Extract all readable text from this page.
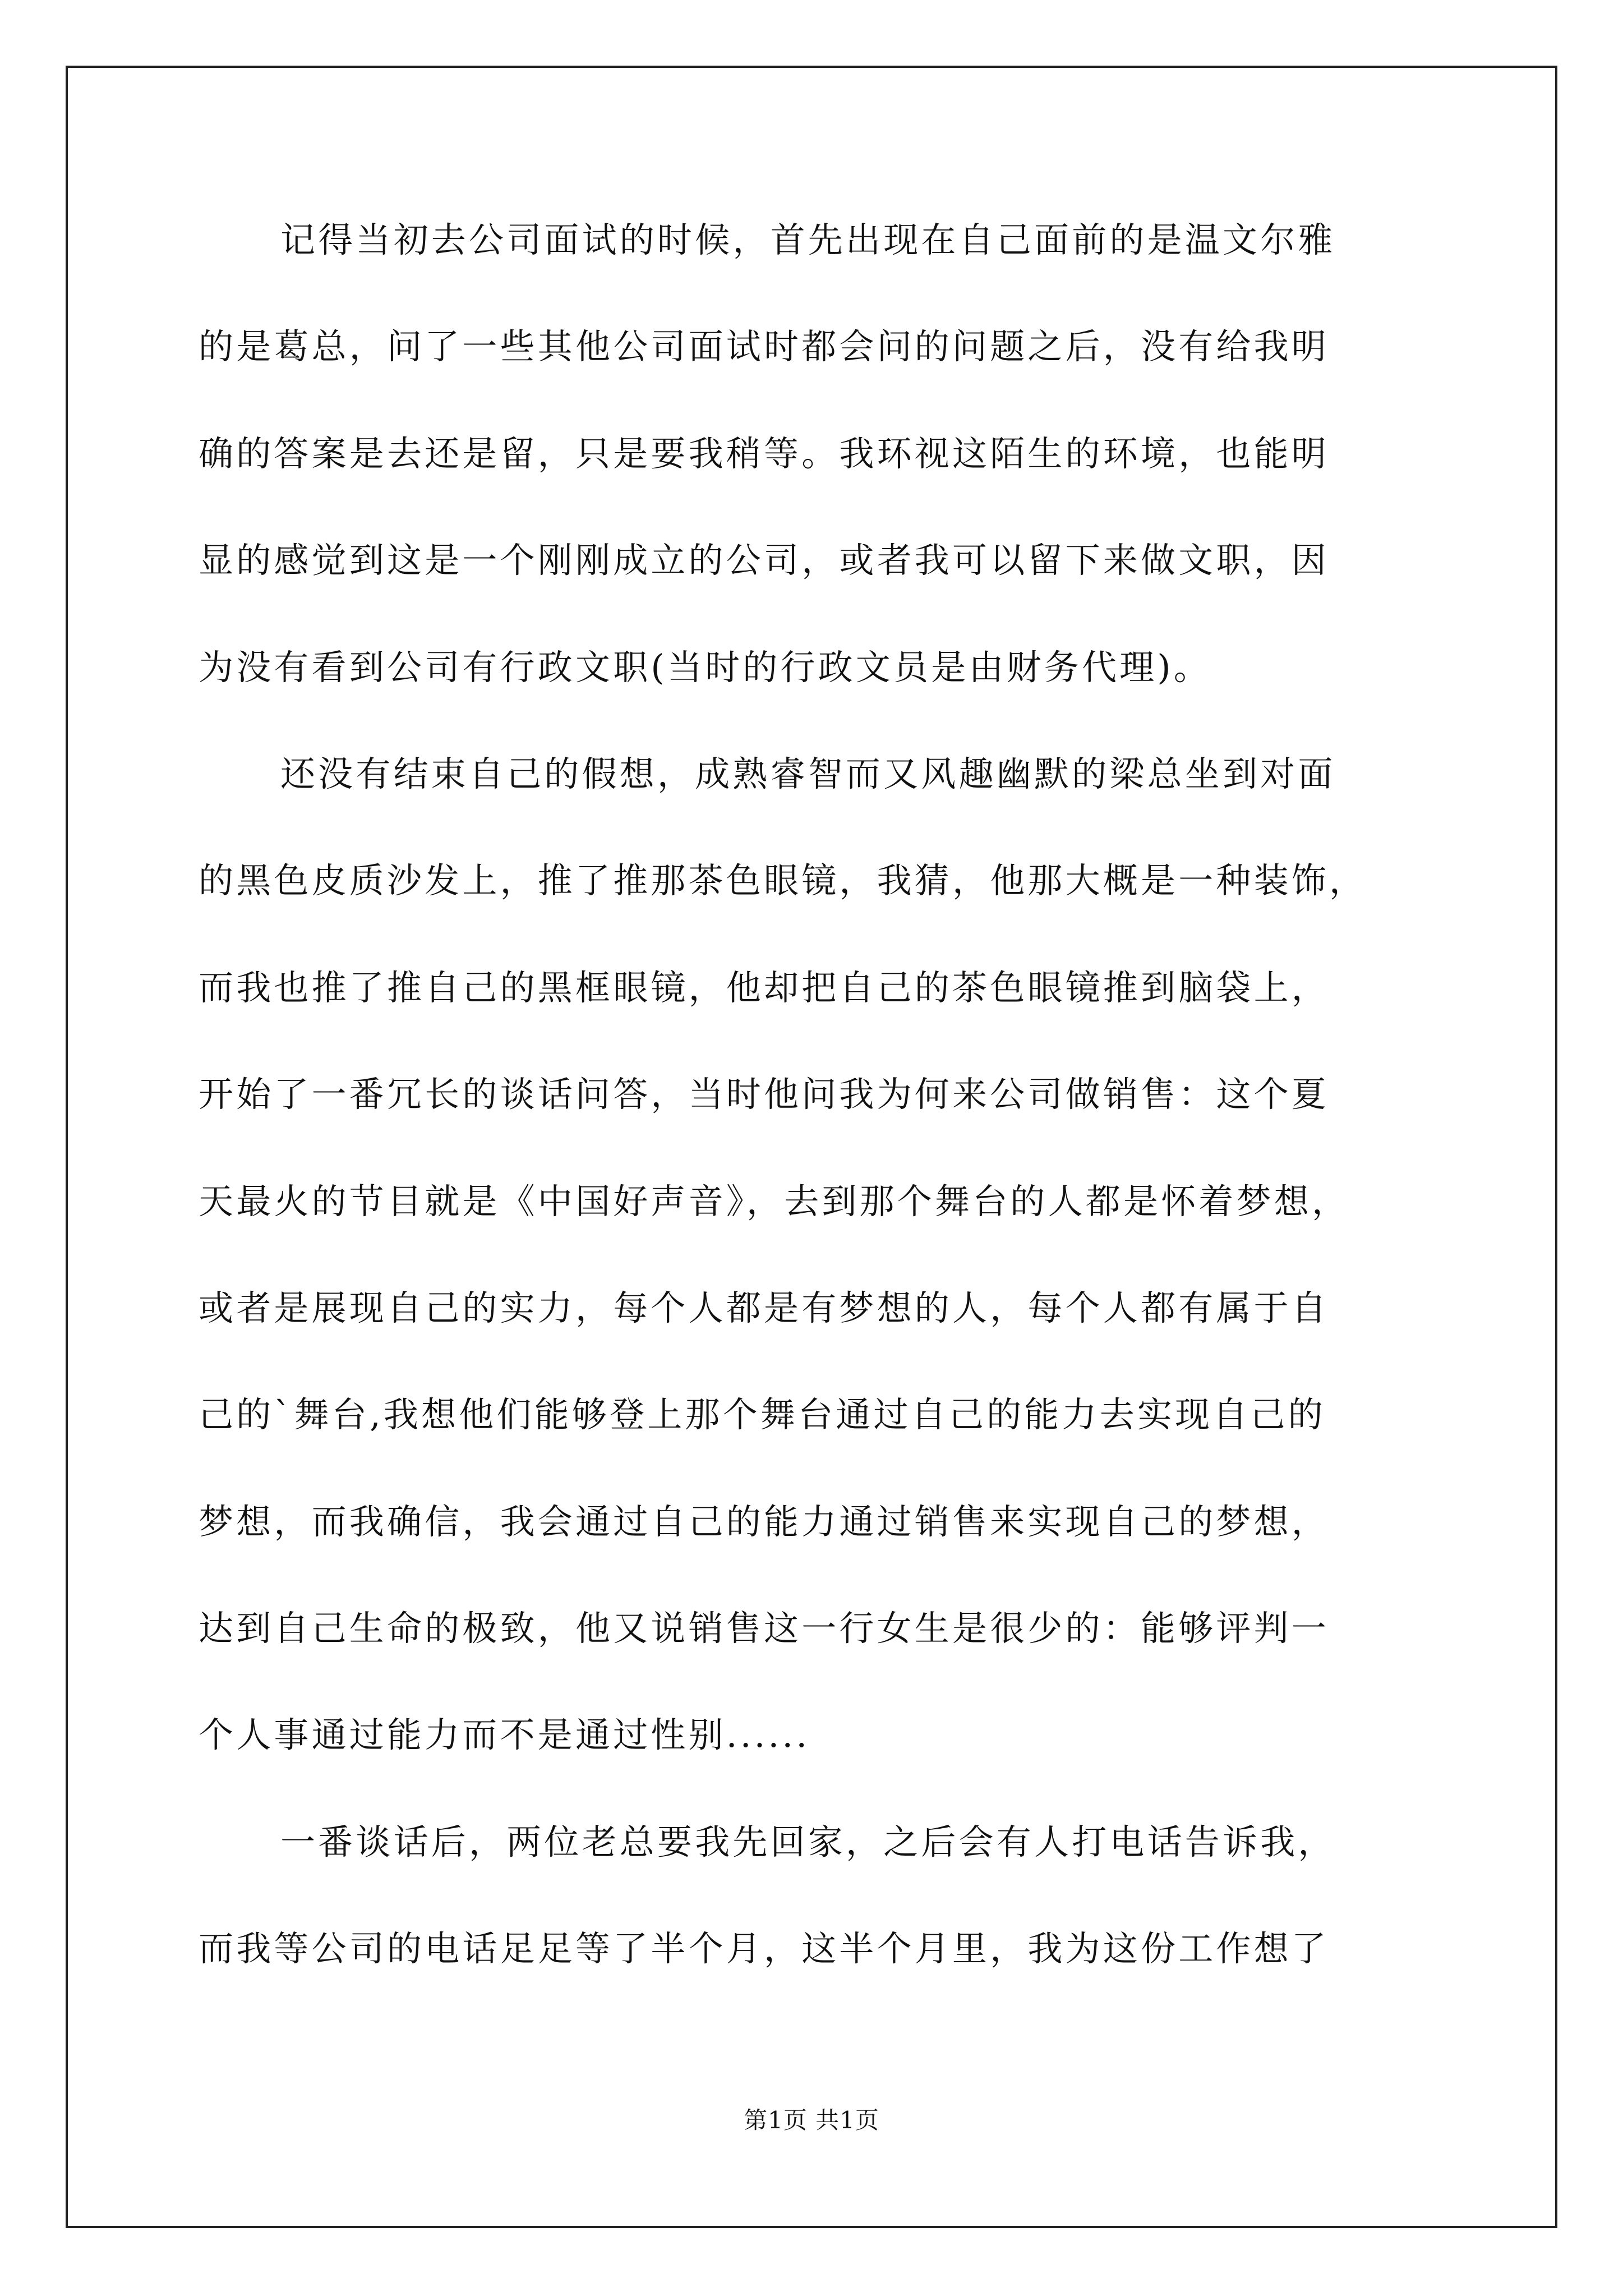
记得当初去公司面试的时候，首先出现在自己面前的是温文尔雅
的是葛总，问了一些其他公司面试时都会问的问题之后，没有给我明
确的答案是去还是留，只是要我稍等。我环视这陌生的环境，也能明
显的感觉到这是一个刚刚成立的公司，或者我可以留下来做文职，因
为没有看到公司有行政文职(当时的行政文员是由财务代理)。
还没有结束自己的假想，成熟睿智而又风趣幽默的梁总坐到对面
的黑色皮质沙发上，推了推那茶色眼镜，我猜，他那大概是一种装饰，
而我也推了推自己的黑框眼镜，他却把自己的茶色眼镜推到脑袋上，
开始了一番冗长的谈话问答，当时他问我为何来公司做销售：这个夏
天最火的节目就是《中国好声音》，去到那个舞台的人都是怀着梦想，
或者是展现自己的实力，每个人都是有梦想的人，每个人都有属于自
己的`舞台,我想他们能够登上那个舞台通过自己的能力去实现自己的
梦想，而我确信，我会通过自己的能力通过销售来实现自己的梦想，
达到自己生命的极致，他又说销售这一行女生是很少的：能够评判一
个人事通过能力而不是通过性别......
一番谈话后，两位老总要我先回家，之后会有人打电话告诉我，
而我等公司的电话足足等了半个月，这半个月里，我为这份工作想了
第1页 共1页
